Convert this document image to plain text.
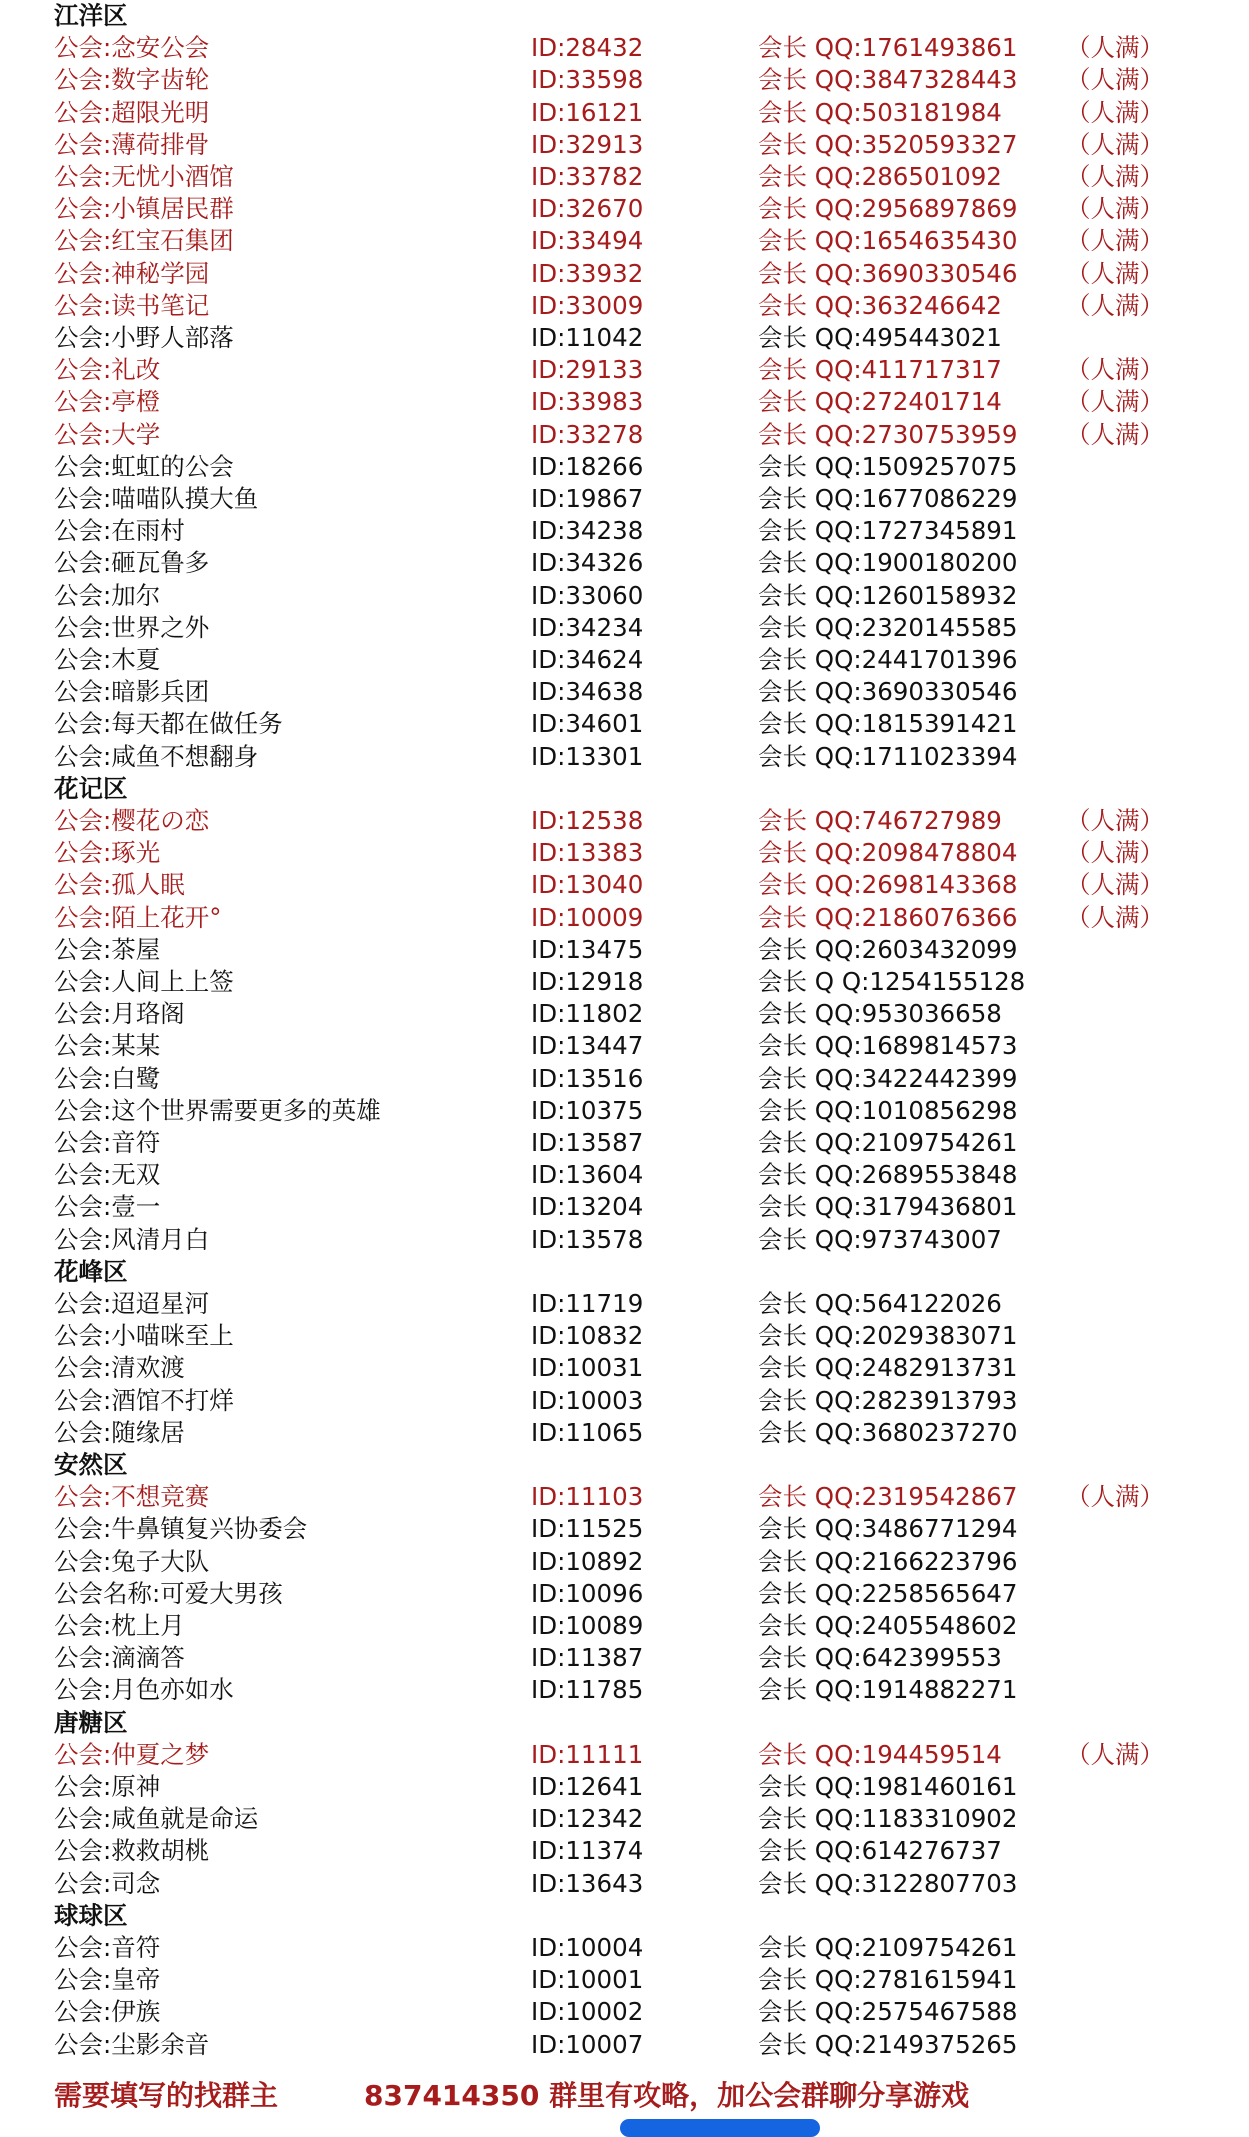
江洋区
公会:念安公会	ID:28432	会长 QQ:1761493861 （人满）
公会:数字齿轮	ID:33598	会长 QQ:3847328443 （人满）
公会:超限光明	ID:16121	会长 QQ:503181984	（人满）
公会:薄荷排骨	ID:32913	会长 QQ:3520593327 （人满）
公会:无忧小酒馆	ID:33782	会长 QQ:286501092	（人满）
公会:小镇居民群	ID:32670	会长 QQ:2956897869 （人满）
公会:红宝石集团	ID:33494	会长 QQ:1654635430 （人满）
公会:神秘学园	ID:33932	会长 QQ:3690330546 （人满）
公会:读书笔记	ID:33009	会长 QQ:363246642	（人满）
公会:小野人部落	ID:11042	会长 QQ:495443021
公会:礼改	ID:29133	会长 QQ:411717317	（人满）
公会:亭橙	ID:33983	会长 QQ:272401714	（人满）
公会:大学	ID:33278	会长 QQ:2730753959 （人满）
公会:虹虹的公会	ID:18266	会长 QQ:1509257075
公会:喵喵队摸大鱼	ID:19867	会长 QQ:1677086229
公会:在雨村	ID:34238	会长 QQ:1727345891
公会:砸瓦鲁多	ID:34326	会长 QQ:1900180200
公会:加尔	ID:33060	会长 QQ:1260158932
公会:世界之外	ID:34234	会长 QQ:2320145585
公会:木夏	ID:34624	会长 QQ:2441701396
公会:暗影兵团	ID:34638	会长 QQ:3690330546
公会:每天都在做任务	ID:34601	会长 QQ:1815391421
公会:咸鱼不想翻身	ID:13301	会长 QQ:1711023394
花记区
公会:樱花の恋	ID:12538	会长 QQ:746727989	（人满）
公会:琢光	ID:13383	会长 QQ:2098478804 （人满）
公会:孤人眠	ID:13040	会长 QQ:2698143368 （人满）
公会:陌上花开°	ID:10009	会长 QQ:2186076366 （人满）
公会:茶屋	ID:13475	会长 QQ:2603432099
公会:人间上上签	ID:12918	会长 Q Q:1254155128
公会:月珞阁	ID:11802	会长 QQ:953036658
公会:某某	ID:13447	会长 QQ:1689814573
公会:白鹭	ID:13516	会长 QQ:3422442399
公会:这个世界需要更多的英雄	ID:10375	会长 QQ:1010856298
公会:音符	ID:13587	会长 QQ:2109754261
公会:无双	ID:13604	会长 QQ:2689553848
公会:壹一	ID:13204	会长 QQ:3179436801
公会:风清月白	ID:13578	会长 QQ:973743007
花峰区
公会:迢迢星河	ID:11719	会长 QQ:564122026
公会:小喵咪至上	ID:10832	会长 QQ:2029383071
公会:清欢渡	ID:10031	会长 QQ:2482913731
公会:酒馆不打烊	ID:10003	会长 QQ:2823913793
公会:随缘居	ID:11065	会长 QQ:3680237270
安然区
公会:不想竞赛	ID:11103	会长 QQ:2319542867 （人满）
公会:牛鼻镇复兴协委会	ID:11525	会长 QQ:3486771294
公会:兔子大队	ID:10892	会长 QQ:2166223796
公会名称:可爱大男孩	ID:10096	会长 QQ:2258565647
公会:枕上月	ID:10089	会长 QQ:2405548602
公会:滴滴答	ID:11387	会长 QQ:642399553
公会:月色亦如水	ID:11785	会长 QQ:1914882271
唐糖区
公会:仲夏之梦	ID:11111	会长 QQ:194459514	（人满）
公会:原神	ID:12641	会长 QQ:1981460161
公会:咸鱼就是命运	ID:12342	会长 QQ:1183310902
公会:救救胡桃	ID:11374	会长 QQ:614276737
公会:司念	ID:13643	会长 QQ:3122807703
球球区
公会:音符	ID:10004	会长 QQ:2109754261
公会:皇帝	ID:10001	会长 QQ:2781615941
公会:伊族	ID:10002	会长 QQ:2575467588
公会:尘影余音	ID:10007	会长 QQ:2149375265
需要填写的找群主	837414350 群里有攻略，加公会群聊分享游戏
